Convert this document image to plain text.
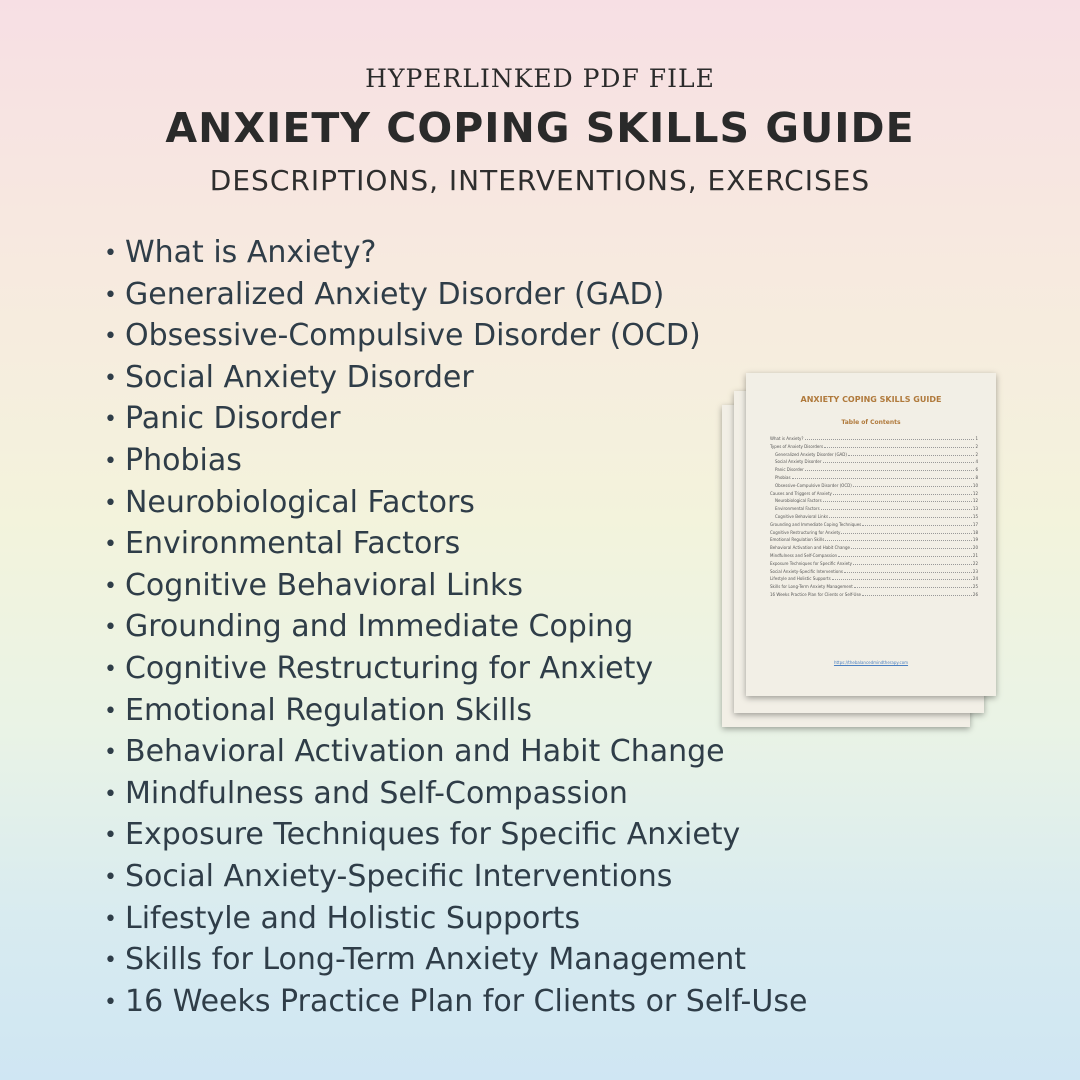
HYPERLINKED PDF FILE
ANXIETY COPING SKILLS GUIDE
DESCRIPTIONS, INTERVENTIONS, EXERCISES
• What is Anxiety?
• Generalized Anxiety Disorder (GAD)
• Obsessive-Compulsive Disorder (OCD)
• Social Anxiety Disorder
• Panic Disorder
• Phobias
• Neurobiological Factors
• Environmental Factors
• Cognitive Behavioral Links
• Grounding and Immediate Coping
• Cognitive Restructuring for Anxiety
• Emotional Regulation Skills
• Behavioral Activation and Habit Change
• Mindfulness and Self-Compassion
• Exposure Techniques for Specific Anxiety
• Social Anxiety-Specific Interventions
• Lifestyle and Holistic Supports
• Skills for Long-Term Anxiety Management
• 16 Weeks Practice Plan for Clients or Self-Use
ANXIETY COPING SKILLS GUIDE
Table of Contents
What is Anxiety?	1
Types of Anxiety Disorders	2
Generalized Anxiety Disorder (GAD)	2
Social Anxiety Disorder	4
Panic Disorder	6
Phobias	8
Obsessive-Compulsive Disorder (OCD)	10
Causes and Triggers of Anxiety	12
Neurobiological Factors	12
Environmental Factors	13
Cognitive Behavioral Links	15
Grounding and Immediate Coping Techniques	17
Cognitive Restructuring for Anxiety	18
Emotional Regulation Skills	19
Behavioral Activation and Habit Change	20
Mindfulness and Self-Compassion	21
Exposure Techniques for Specific Anxiety	22
Social Anxiety-Specific Interventions	23
Lifestyle and Holistic Supports	24
Skills for Long-Term Anxiety Management	25
16 Weeks Practice Plan for Clients or Self-Use	26
https://thebalancedmindtherapy.com
